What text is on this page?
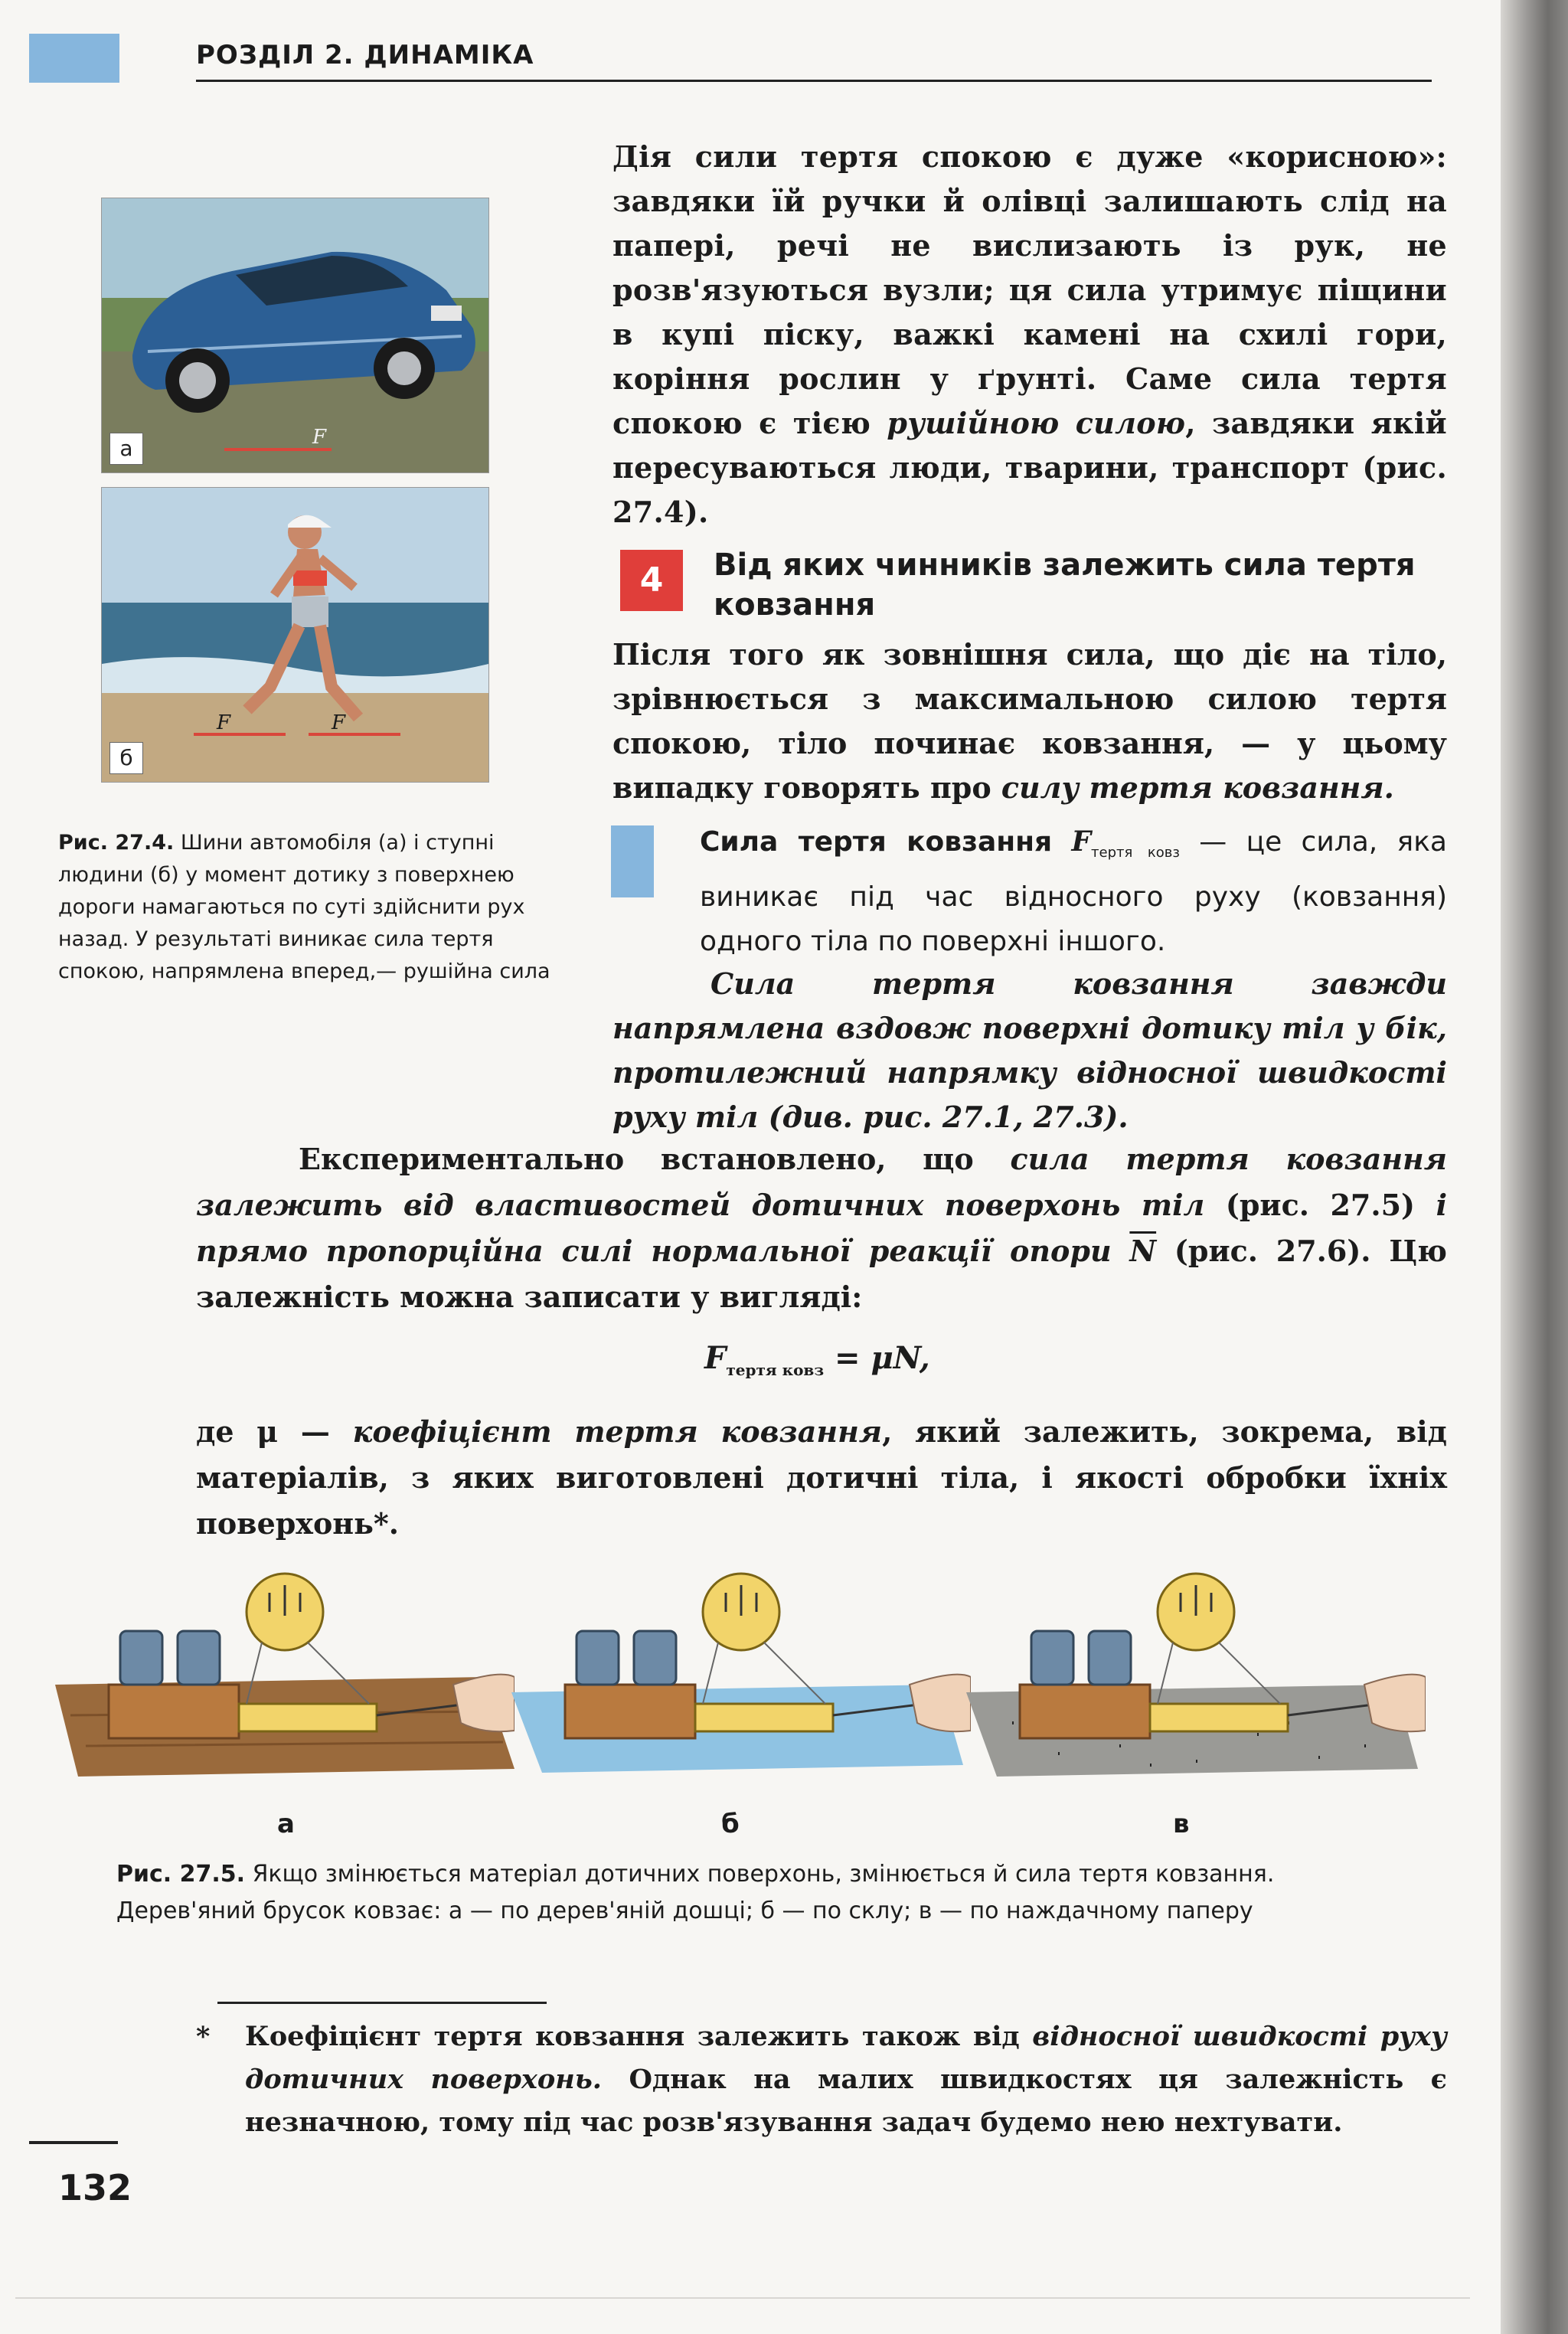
РОЗДІЛ 2. ДИНАМІКА
F
а
F	F
б
Рис. 27.4. Шини автомобіля (а) і ступні людини (б) у момент дотику з поверхнею дороги намагаються по суті здійснити рух назад. У результаті виникає сила тертя спокою, напрямлена вперед,— рушійна сила
Дія сили тертя спокою є дуже «корисною»: завдяки їй ручки й олівці залишають слід на папері, речі не вислизають із рук, не розв'язуються вузли; ця сила утримує піщини в купі піску, важкі камені на схилі гори, коріння рослин у ґрунті. Саме сила тертя спокою є тією рушійною силою, завдяки якій пересуваються люди, тварини, транспорт (рис. 27.4).
4	Від яких чинників залежить сила тертя ковзання
Після того як зовнішня сила, що діє на тіло, зрівнюється з максимальною силою тертя спокою, тіло починає ковзання, — у цьому випадку говорять про силу тертя ковзання.
Сила тертя ковзання $F_{тертя ковз}$ — це сила, яка виникає під час відносного руху (ковзання) одного тіла по поверхні іншого.
Сила тертя ковзання завжди напрямлена вздовж поверхні дотику тіл у бік, протилежний напрямку відносної швидкості руху тіл (див. рис. 27.1, 27.3).
Експериментально встановлено, що сила тертя ковзання залежить від властивостей дотичних поверхонь тіл (рис. 27.5) і прямо пропорційна силі нормальної реакції опори $\overline{N}$ (рис. 27.6). Цю залежність можна записати у вигляді:
$F_{тертя ковз} = \mu N$,
де μ — коефіцієнт тертя ковзання, який залежить, зокрема, від матеріалів, з яких виготовлені дотичні тіла, і якості обробки їхніх поверхонь*.
а	б	в
Рис. 27.5. Якщо змінюється матеріал дотичних поверхонь, змінюється й сила тертя ковзання. Дерев'яний брусок ковзає: а — по дерев'яній дошці; б — по склу; в — по наждачному паперу
*	Коефіцієнт тертя ковзання залежить також від відносної швидкості руху дотичних поверхонь. Однак на малих швидкостях ця залежність є незначною, тому під час розв'язування задач будемо нею нехтувати.
132
